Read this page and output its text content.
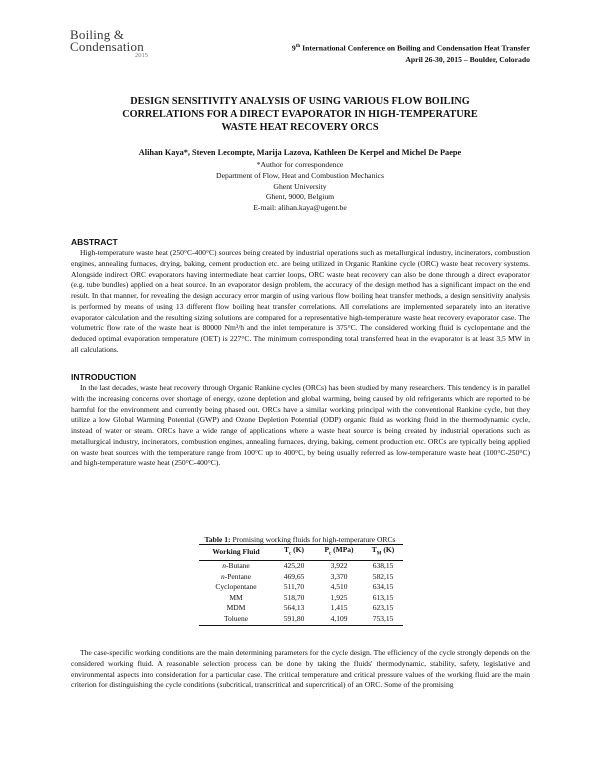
Boiling &
Condensation
2015
9th International Conference on Boiling and Condensation Heat Transfer
April 26-30, 2015 – Boulder, Colorado
DESIGN SENSITIVITY ANALYSIS OF USING VARIOUS FLOW BOILING
CORRELATIONS FOR A DIRECT EVAPORATOR IN HIGH-TEMPERATURE
WASTE HEAT RECOVERY ORCS
Alihan Kaya*, Steven Lecompte, Marija Lazova, Kathleen De Kerpel and Michel De Paepe
*Author for correspondence
Department of Flow, Heat and Combustion Mechanics
Ghent University
Ghent, 9000, Belgium
E-mail: alihan.kaya@ugent.be
ABSTRACT
High-temperature waste heat (250°C-400°C) sources being created by industrial operations such as metallurgical industry, incinerators, combustion engines, annealing furnaces, drying, baking, cement production etc. are being utilized in Organic Rankine cycle (ORC) waste heat recovery systems. Alongside indirect ORC evaporators having intermediate heat carrier loops, ORC waste heat recovery can also be done through a direct evaporator (e.g. tube bundles) applied on a heat source. In an evaporator design problem, the accuracy of the design method has a significant impact on the end result. In that manner, for revealing the design accuracy error margin of using various flow boiling heat transfer methods, a design sensitivity analysis is performed by means of using 13 different flow boiling heat transfer correlations. All correlations are implemented separately into an iterative evaporator calculation and the resulting sizing solutions are compared for a representative high-temperature waste heat recovery evaporator case. The volumetric flow rate of the waste heat is 80000 Nm³/h and the inlet temperature is 375°C. The considered working fluid is cyclopentane and the deduced optimal evaporation temperature (OET) is 227°C. The minimum corresponding total transferred heat in the evaporator is at least 3,5 MW in all calculations.
INTRODUCTION
In the last decades, waste heat recovery through Organic Rankine cycles (ORCs) has been studied by many researchers. This tendency is in parallel with the increasing concerns over shortage of energy, ozone depletion and global warming, being caused by old refrigerants which are reported to be harmful for the environment and currently being phased out. ORCs have a similar working principal with the conventional Rankine cycle, but they utilize a low Global Warming Potential (GWP) and Ozone Depletion Potential (ODP) organic fluid as working fluid in the thermodynamic cycle, instead of water or steam. ORCs have a wide range of applications where a waste heat source is being created by industrial operations such as metallurgical industry, incinerators, combustion engines, annealing furnaces, drying, baking, cement production etc. ORCs are typically being applied on waste heat sources with the temperature range from 100°C up to 400°C, by being usually referred as low-temperature waste heat (100°C-250°C) and high-temperature waste heat (250°C-400°C).
Table 1: Promising working fluids for high-temperature ORCs
Working Fluid	$T_c$ (K)	$P_c$ (MPa)	$T_M$ (K)
n-Butane	425,20	3,922	638,15
n-Pentane	469,65	3,370	582,15
Cyclopentane	511,70	4,510	634,15
MM	518,70	1,925	613,15
MDM	564,13	1,415	623,15
Toluene	591,80	4,109	753,15
The case-specific working conditions are the main determining parameters for the cycle design. The efficiency of the cycle strongly depends on the considered working fluid. A reasonable selection process can be done by taking the fluids' thermodynamic, stability, safety, legislative and environmental aspects into consideration for a particular case. The critical temperature and critical pressure values of the working fluid are the main criterion for distinguishing the cycle conditions (subcritical, transcritical and supercritical) of an ORC. Some of the promising
